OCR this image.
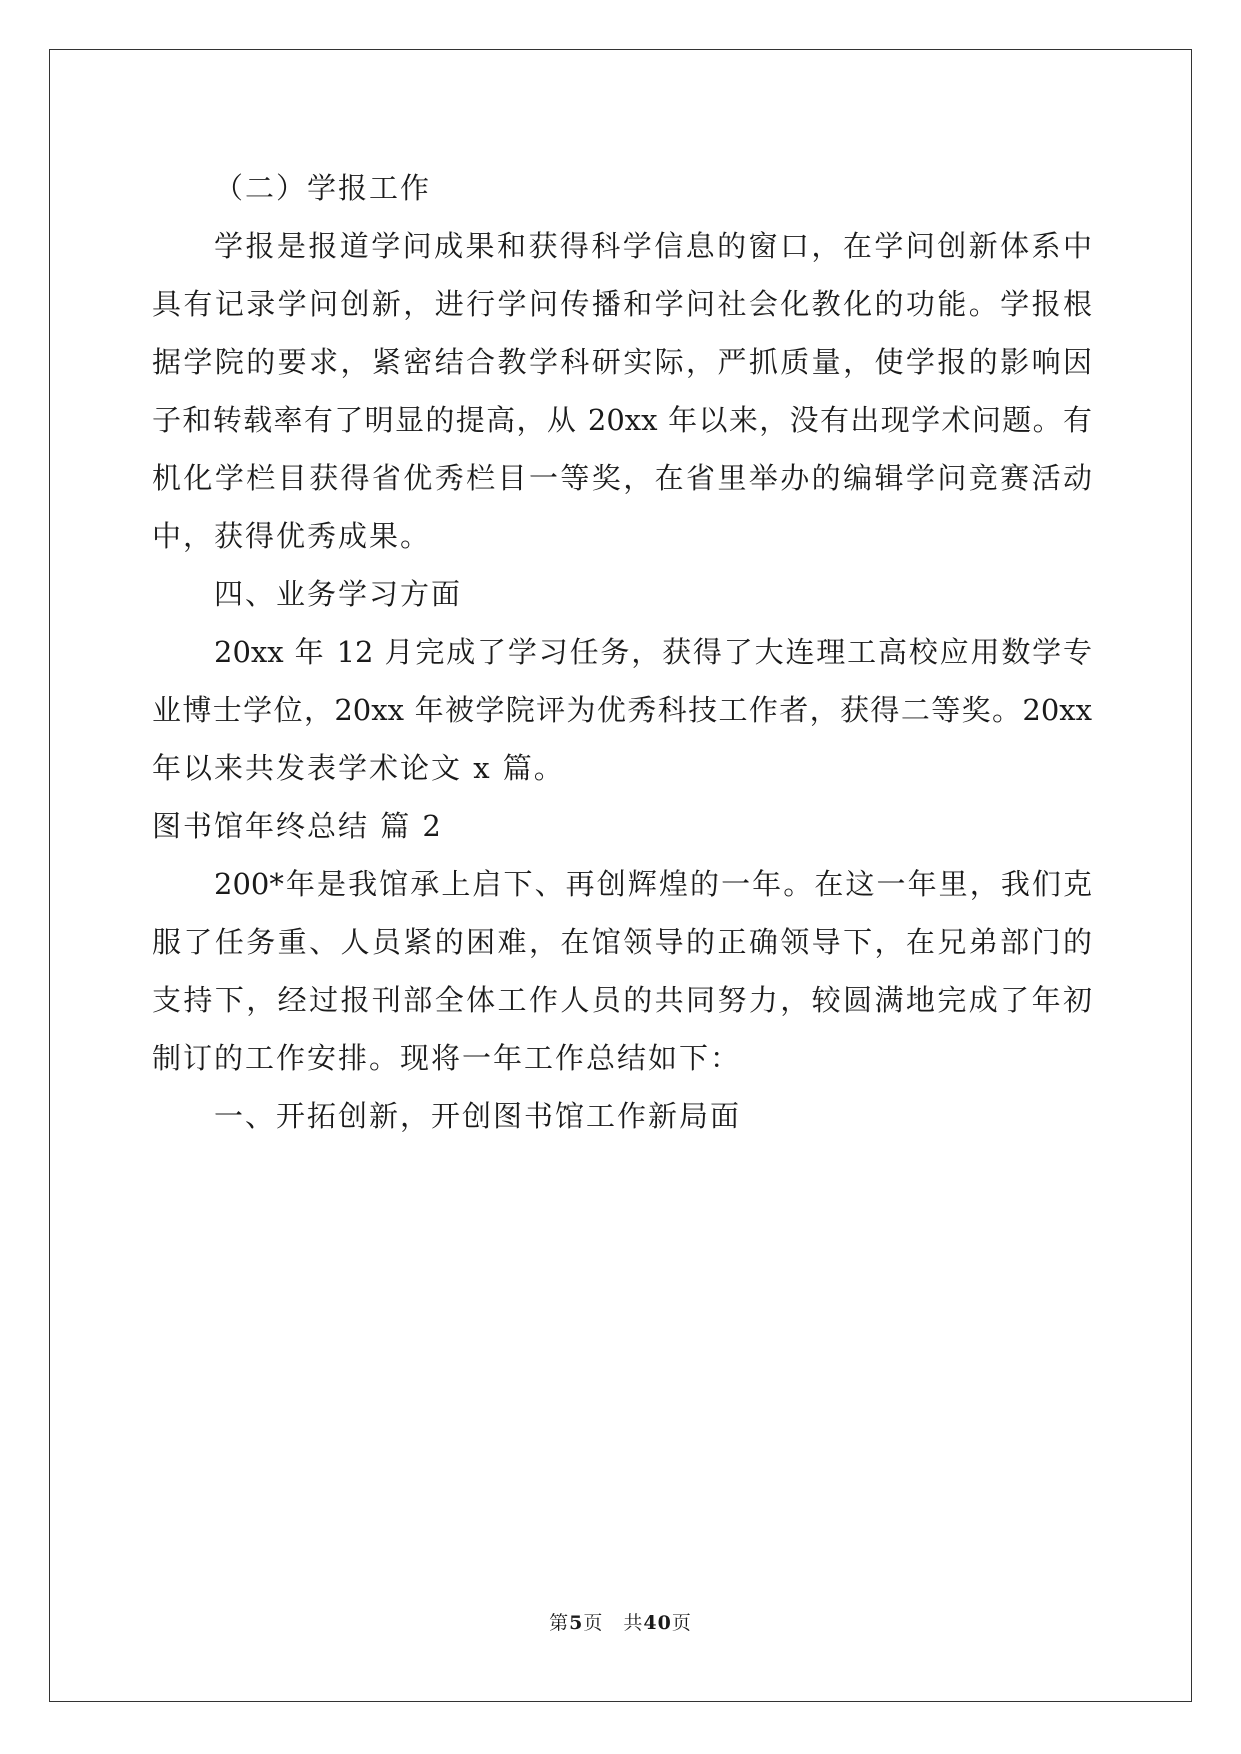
（二）学报工作
学报是报道学问成果和获得科学信息的窗口，在学问创新体系中
具有记录学问创新，进行学问传播和学问社会化教化的功能。学报根
据学院的要求，紧密结合教学科研实际，严抓质量，使学报的影响因
子和转载率有了明显的提高，从 20xx 年以来，没有出现学术问题。有
机化学栏目获得省优秀栏目一等奖，在省里举办的编辑学问竞赛活动
中，获得优秀成果。
四、业务学习方面
20xx 年 12 月完成了学习任务，获得了大连理工高校应用数学专
业博士学位，20xx 年被学院评为优秀科技工作者，获得二等奖。20xx
年以来共发表学术论文 x 篇。
图书馆年终总结 篇 2
200*年是我馆承上启下、再创辉煌的一年。在这一年里，我们克
服了任务重、人员紧的困难，在馆领导的正确领导下，在兄弟部门的
支持下，经过报刊部全体工作人员的共同努力，较圆满地完成了年初
制订的工作安排。现将一年工作总结如下：
一、开拓创新，开创图书馆工作新局面
第5页　共40页
